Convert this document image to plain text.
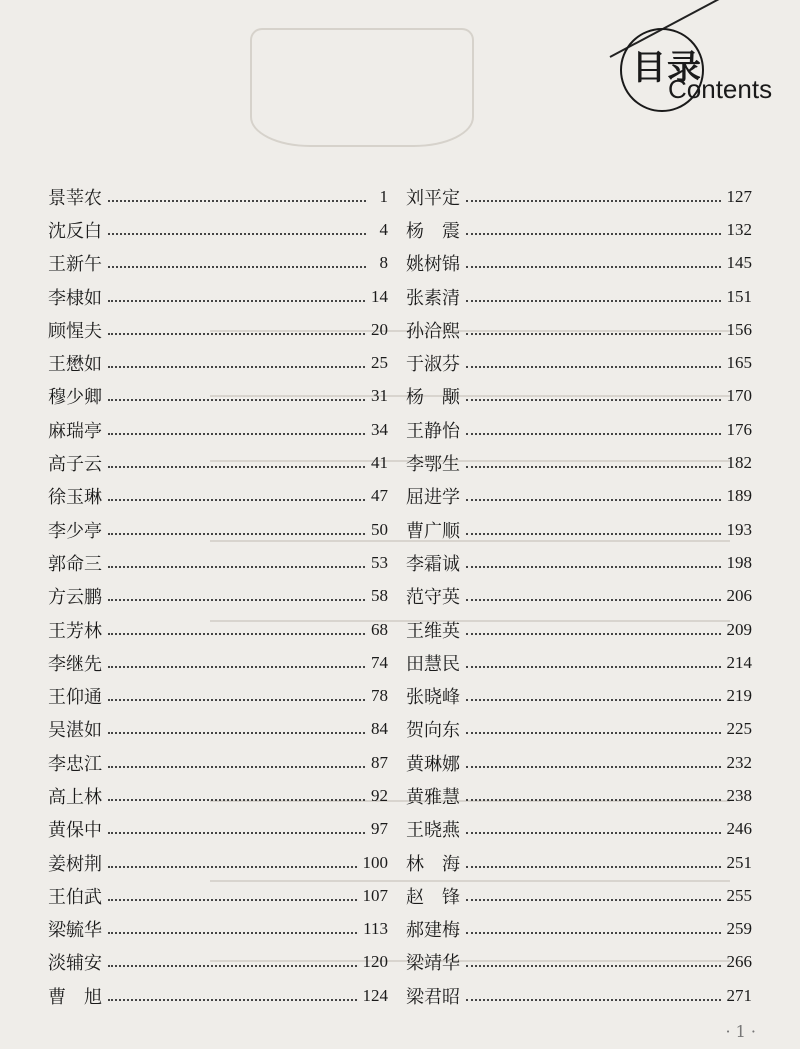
目录
Contents
景莘农	1
沈反白	4
王新午	8
李棣如	14
顾惺夫	20
王懋如	25
穆少卿	31
麻瑞亭	34
高子云	41
徐玉琳	47
李少亭	50
郭命三	53
方云鹏	58
王芳林	68
李继先	74
王仰通	78
吴湛如	84
李忠江	87
高上林	92
黄保中	97
姜树荆	100
王伯武	107
梁毓华	113
淡辅安	120
曹　旭	124
刘平定	127
杨　震	132
姚树锦	145
张素清	151
孙洽熙	156
于淑芬	165
杨　颙	170
王静怡	176
李鄂生	182
屈进学	189
曹广顺	193
李霜诚	198
范守英	206
王维英	209
田慧民	214
张晓峰	219
贺向东	225
黄琳娜	232
黄雅慧	238
王晓燕	246
林　海	251
赵　锋	255
郝建梅	259
梁靖华	266
梁君昭	271
· 1 ·
